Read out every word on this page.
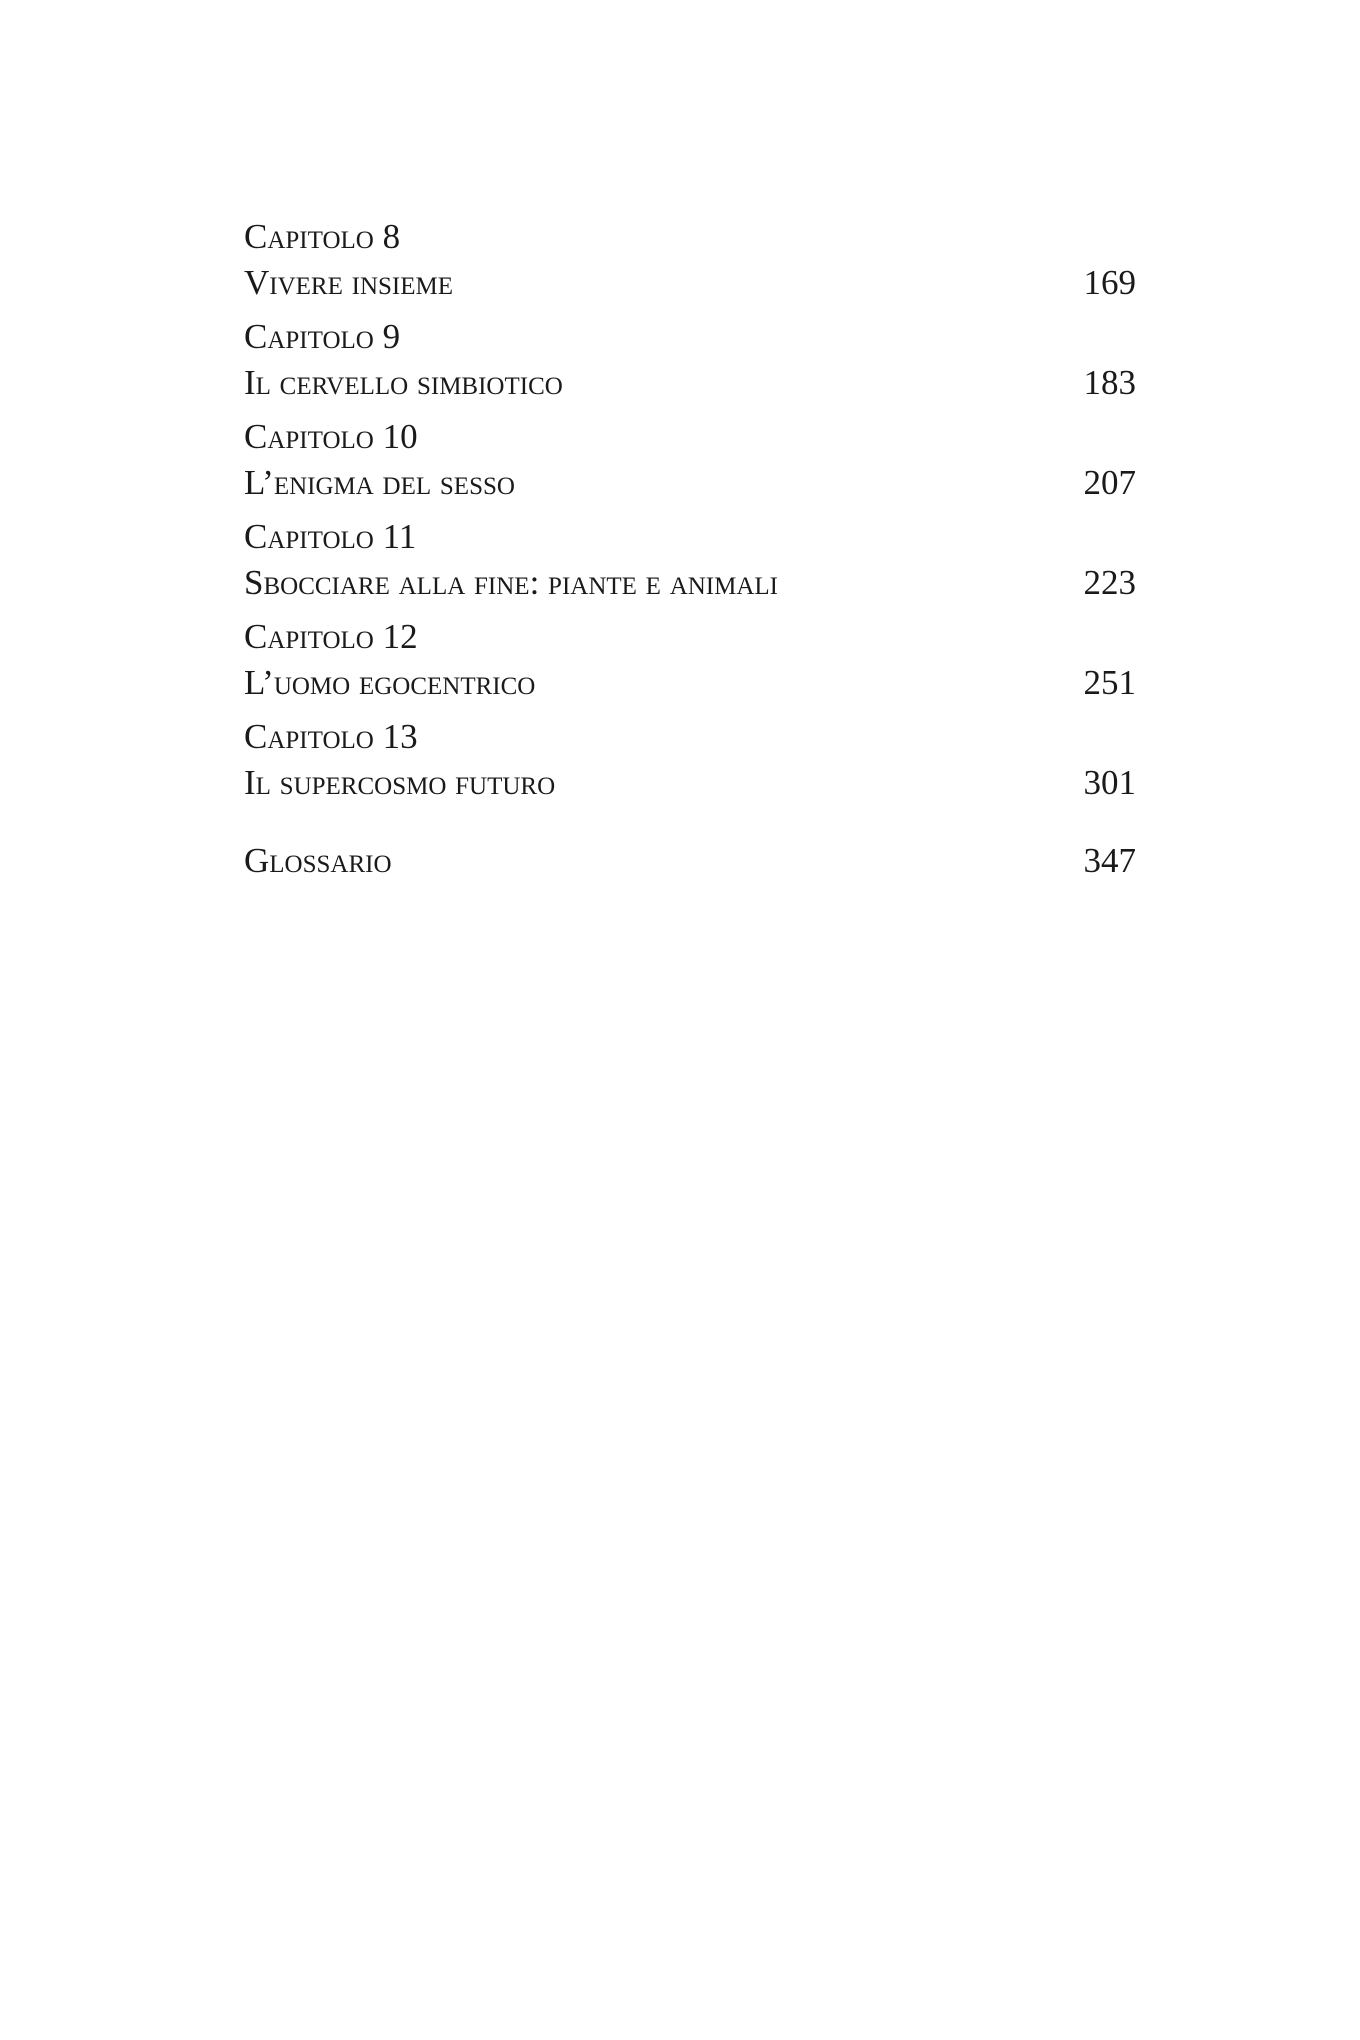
Capitolo 8
Vivere insieme	169
Capitolo 9
Il cervello simbiotico	183
Capitolo 10
L’enigma del sesso	207
Capitolo 11
Sbocciare alla fine: piante e animali	223
Capitolo 12
L’uomo egocentrico	251
Capitolo 13
Il supercosmo futuro	301
Glossario	347
